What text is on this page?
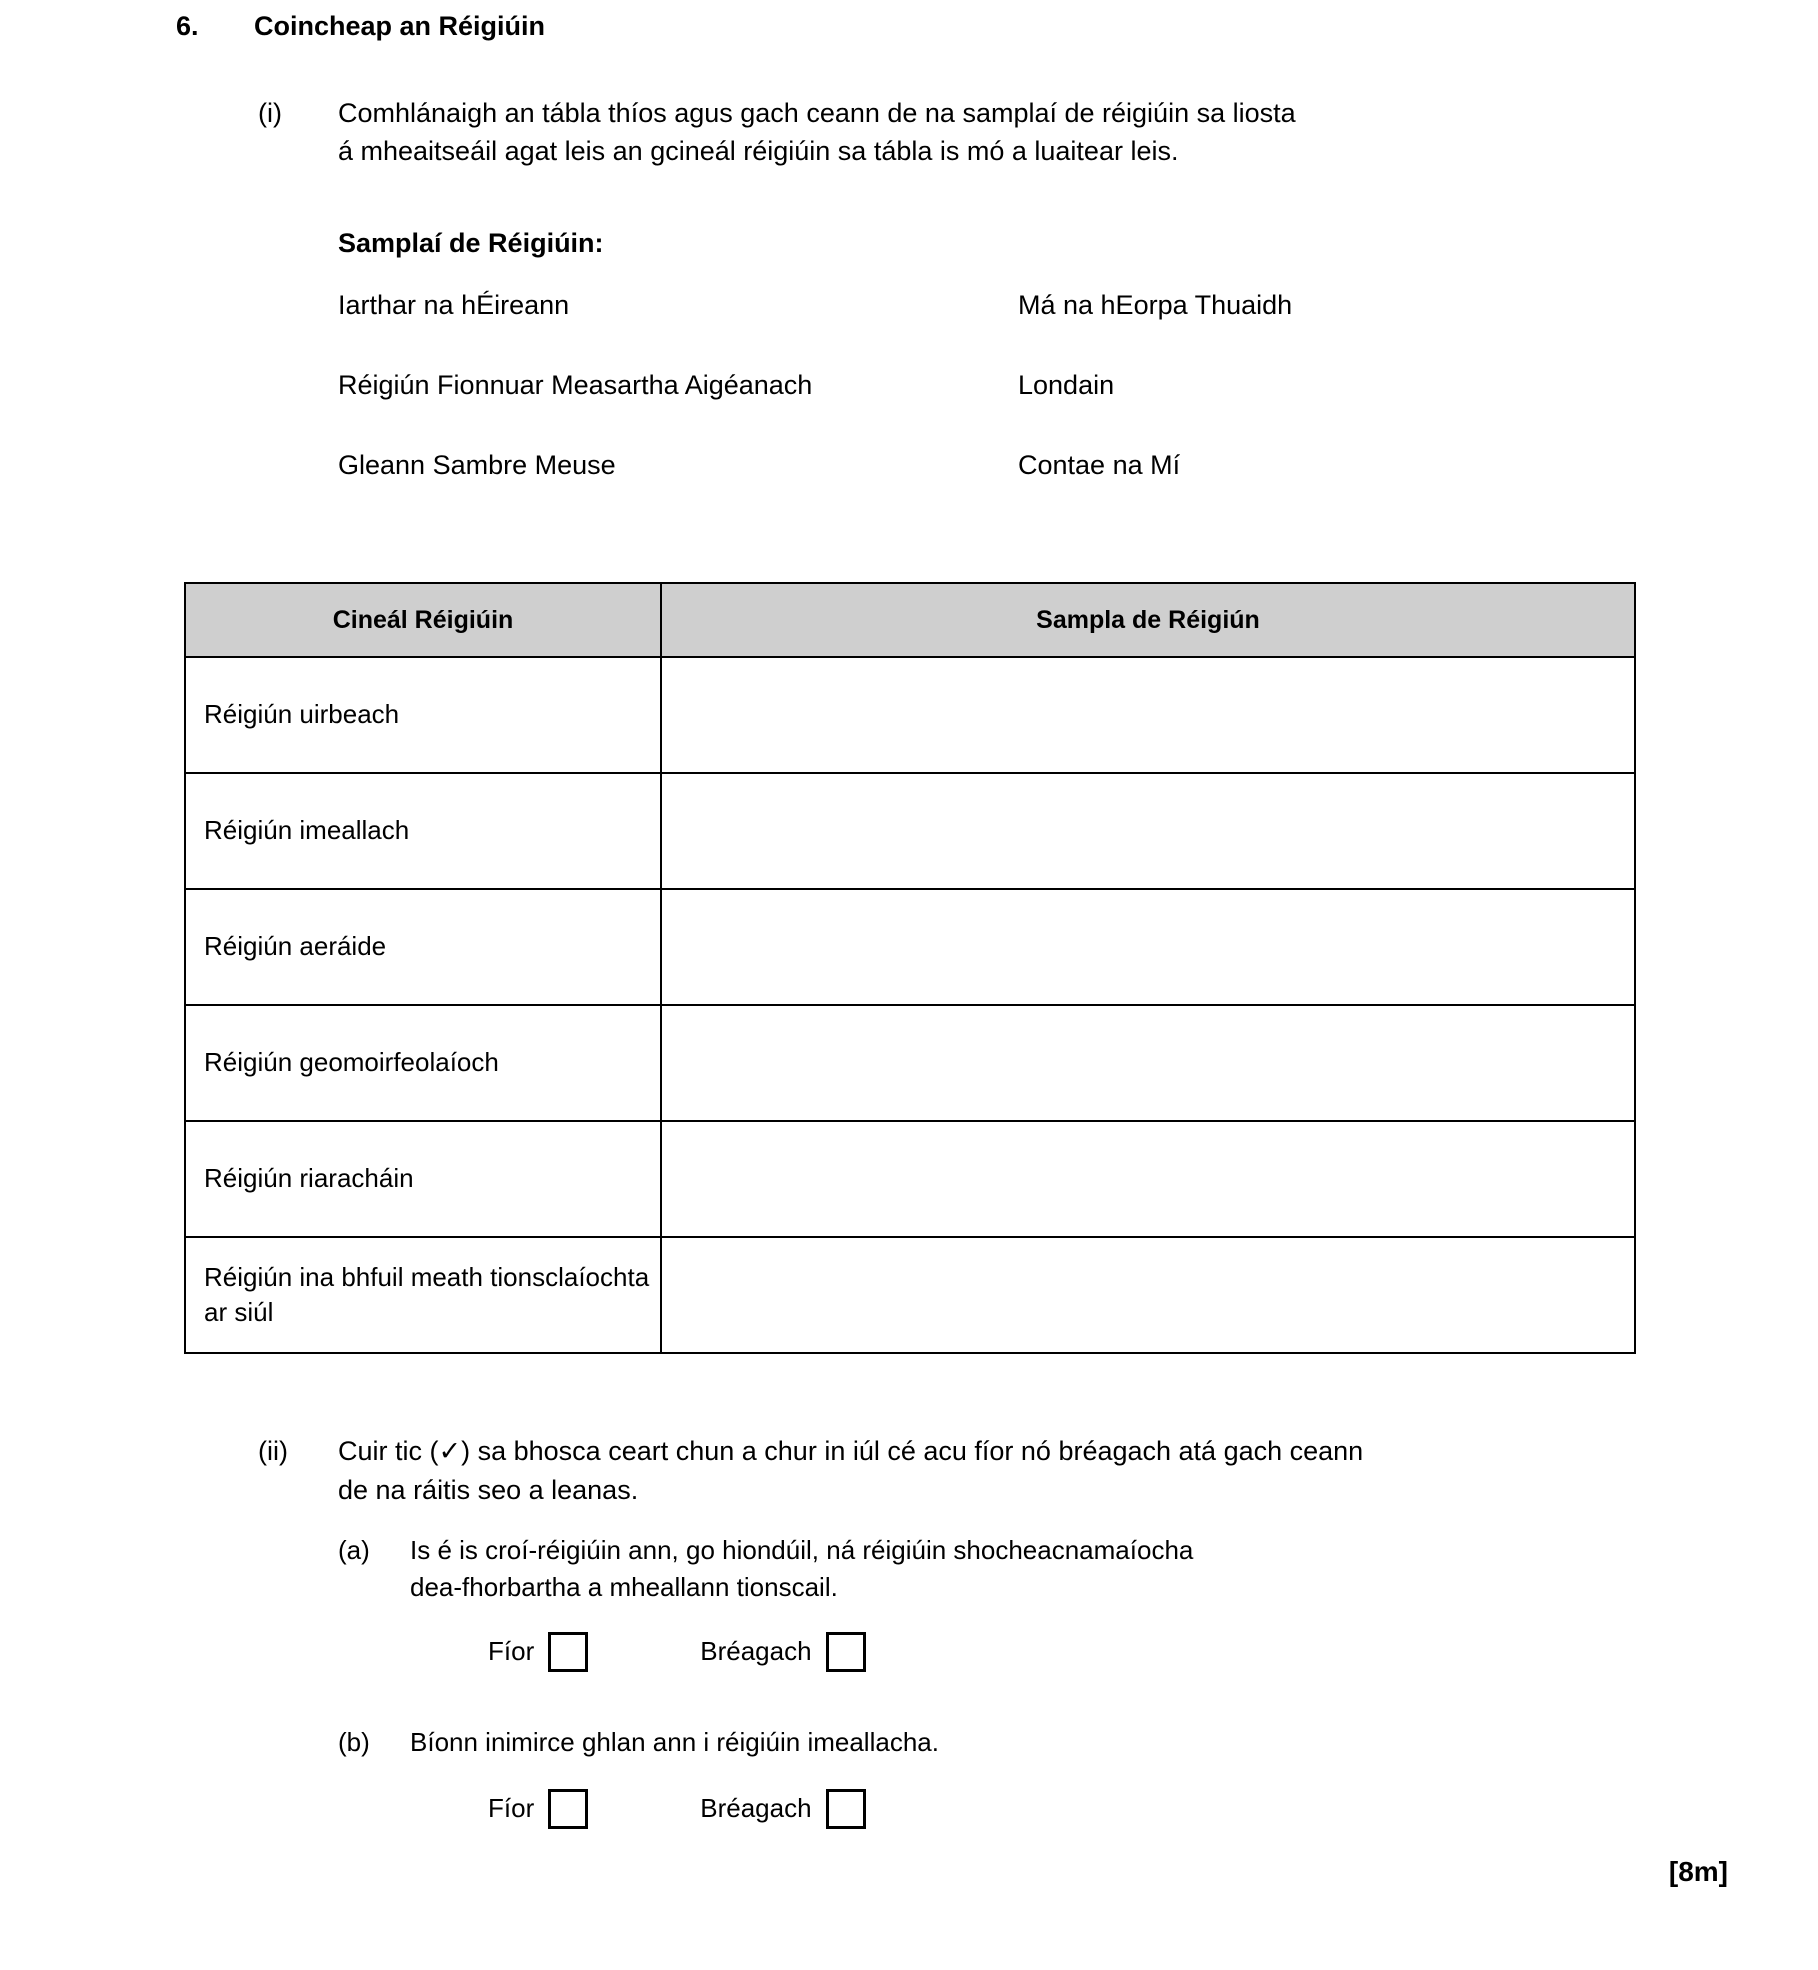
6.	Coincheap an Réigiúin
(i)	Comhlánaigh an tábla thíos agus gach ceann de na samplaí de réigiúin sa liosta
á mheaitseáil agat leis an gcineál réigiúin sa tábla is mó a luaitear leis.
Samplaí de Réigiúin:
Iarthar na hÉireann	Má na hEorpa Thuaidh
Réigiún Fionnuar Measartha Aigéanach	Londain
Gleann Sambre Meuse	Contae na Mí
Cineál Réigiúin	Sampla de Réigiún
Réigiún uirbeach	
Réigiún imeallach	
Réigiún aeráide	
Réigiún geomoirfeolaíoch	
Réigiún riaracháin	
Réigiún ina bhfuil meath tionsclaíochta ar siúl	
(ii)	Cuir tic (✓) sa bhosca ceart chun a chur in iúl cé acu fíor nó bréagach atá gach ceann
de na ráitis seo a leanas.
(a)	Is é is croí-réigiúin ann, go hiondúil, ná réigiúin shocheacnamaíocha
dea-fhorbartha a mheallann tionscail.
Fíor	Bréagach
(b)	Bíonn inimirce ghlan ann i réigiúin imeallacha.
Fíor	Bréagach
[8m]
